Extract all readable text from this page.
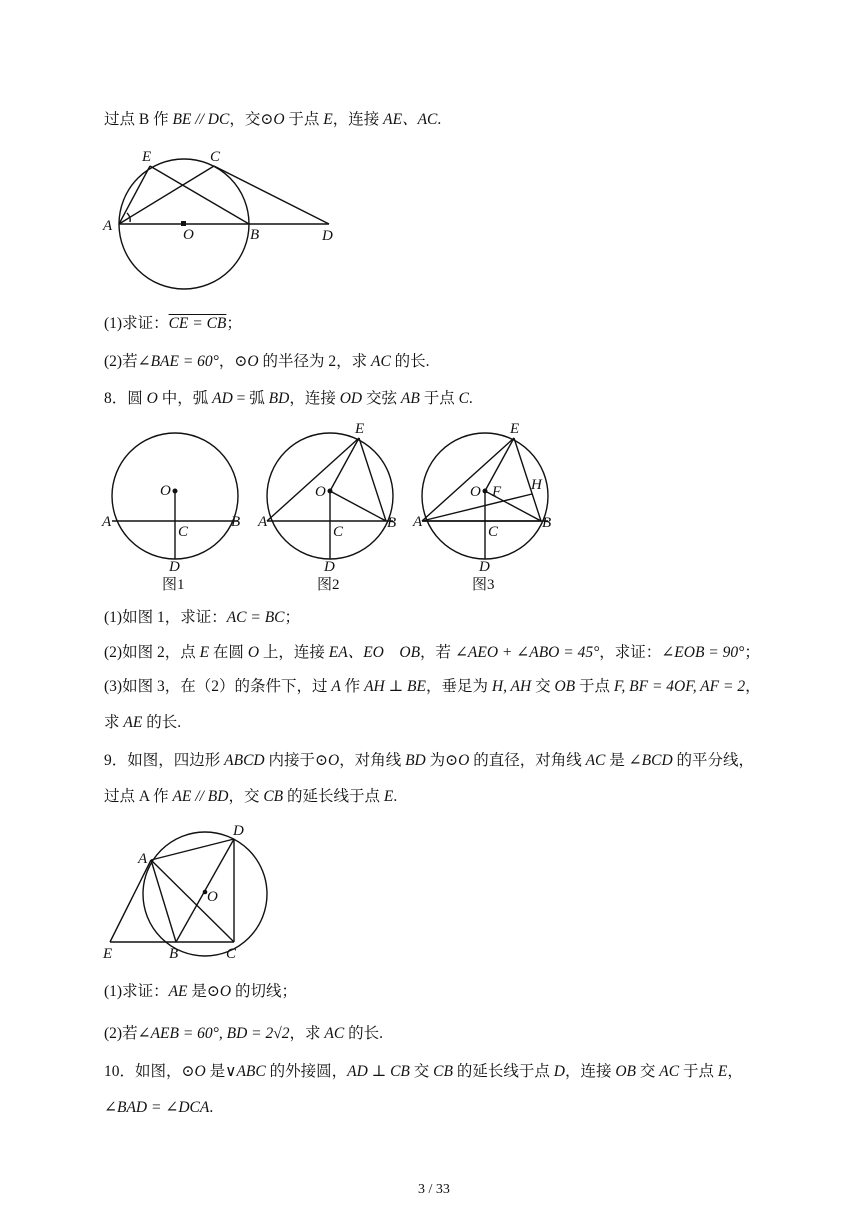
过点 B 作 BE // DC，交⊙O 于点 E，连接 AE、AC.
E	C
A
O	B	D
(1)求证：CE = CB；
(2)若∠BAE = 60°，⊙O 的半径为 2，求 AC 的长.
8．圆 O 中，弧 AD = 弧 BD，连接 OD 交弦 AB 于点 C.
O
A
C
B
D
图1
E
O
A
C
B
D
图2
E
O F H
A
C
B
D
图3
(1)如图 1，求证：AC = BC；
(2)如图 2，点 E 在圆 O 上，连接 EA、EO　OB，若 ∠AEO + ∠ABO = 45°，求证：∠EOB = 90°；
(3)如图 3，在（2）的条件下，过 A 作 AH ⊥ BE，垂足为 H, AH 交 OB 于点 F, BF = 4OF, AF = 2，
求 AE 的长.
9．如图，四边形 ABCD 内接于⊙O，对角线 BD 为⊙O 的直径，对角线 AC 是 ∠BCD 的平分线，
过点 A 作 AE // BD，交 CB 的延长线于点 E.
D
A
O
E	B	C
(1)求证：AE 是⊙O 的切线；
(2)若∠AEB = 60°, BD = 2√2，求 AC 的长.
10．如图，⊙O 是∨ABC 的外接圆，AD ⊥ CB 交 CB 的延长线于点 D，连接 OB 交 AC 于点 E，
∠BAD = ∠DCA.
3 / 33
